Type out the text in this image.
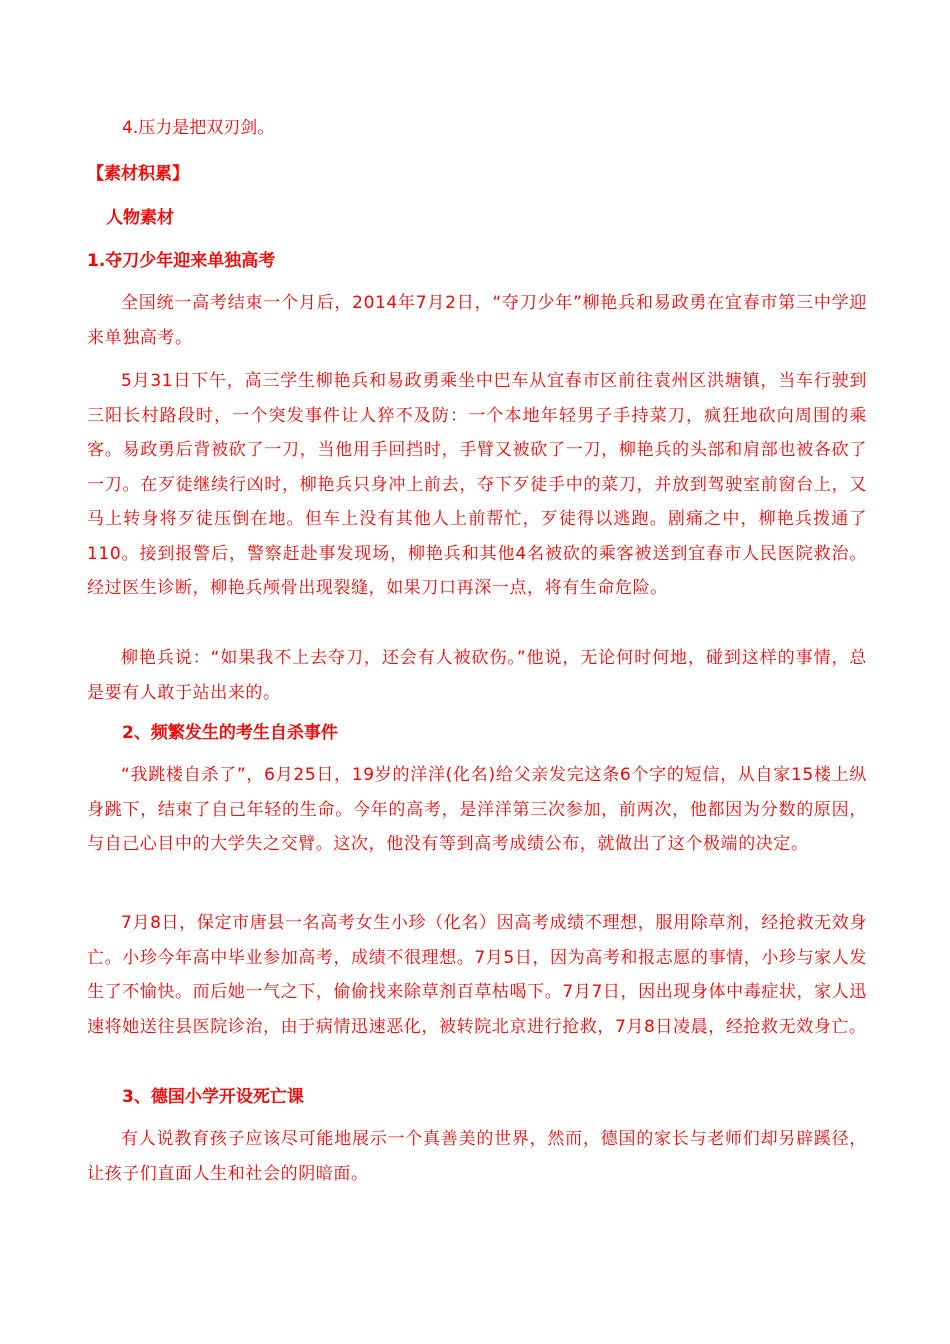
4.压力是把双刃剑。

【素材积累】

人物素材

1.夺刀少年迎来单独高考

全国统一高考结束一个月后，2014年7月2日，“夺刀少年”柳艳兵和易政勇在宜春市第三中学迎来单独高考。

5月31日下午，高三学生柳艳兵和易政勇乘坐中巴车从宜春市区前往袁州区洪塘镇，当车行驶到三阳长村路段时，一个突发事件让人猝不及防：一个本地年轻男子手持菜刀，疯狂地砍向周围的乘客。易政勇后背被砍了一刀，当他用手回挡时，手臂又被砍了一刀，柳艳兵的头部和肩部也被各砍了一刀。在歹徒继续行凶时，柳艳兵只身冲上前去，夺下歹徒手中的菜刀，并放到驾驶室前窗台上，又马上转身将歹徒压倒在地。但车上没有其他人上前帮忙，歹徒得以逃跑。剧痛之中，柳艳兵拨通了110。接到报警后，警察赶赴事发现场，柳艳兵和其他4名被砍的乘客被送到宜春市人民医院救治。经过医生诊断，柳艳兵颅骨出现裂缝，如果刀口再深一点，将有生命危险。

柳艳兵说：“如果我不上去夺刀，还会有人被砍伤。”他说，无论何时何地，碰到这样的事情，总是要有人敢于站出来的。

2、频繁发生的考生自杀事件

“我跳楼自杀了”，6月25日，19岁的洋洋(化名)给父亲发完这条6个字的短信，从自家15楼上纵身跳下，结束了自己年轻的生命。今年的高考，是洋洋第三次参加，前两次，他都因为分数的原因，与自己心目中的大学失之交臂。这次，他没有等到高考成绩公布，就做出了这个极端的决定。

7月8日，保定市唐县一名高考女生小珍（化名）因高考成绩不理想，服用除草剂，经抢救无效身亡。小珍今年高中毕业参加高考，成绩不很理想。7月5日，因为高考和报志愿的事情，小珍与家人发生了不愉快。而后她一气之下，偷偷找来除草剂百草枯喝下。7月7日，因出现身体中毒症状，家人迅速将她送往县医院诊治，由于病情迅速恶化，被转院北京进行抢救，7月8日凌晨，经抢救无效身亡。

3、德国小学开设死亡课

有人说教育孩子应该尽可能地展示一个真善美的世界，然而，德国的家长与老师们却另辟蹊径，让孩子们直面人生和社会的阴暗面。
